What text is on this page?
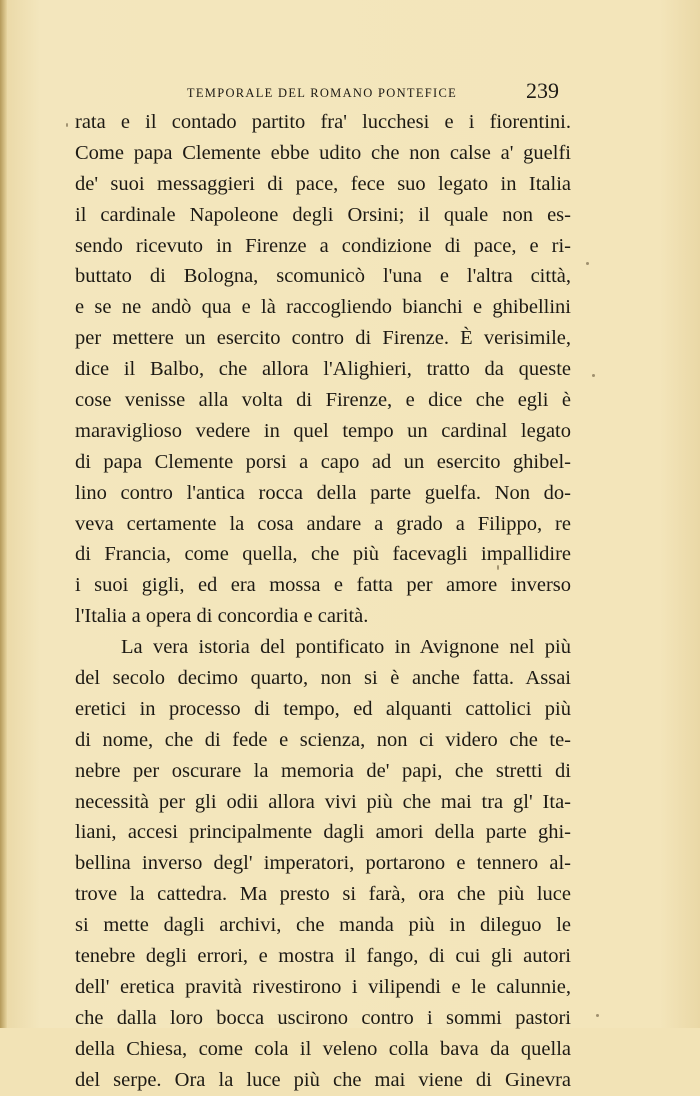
TEMPORALE DEL ROMANO PONTEFICE	239
rata e il contado partito fra' lucchesi e i fiorentini.
Come papa Clemente ebbe udito che non calse a' guelfi
de' suoi messaggieri di pace, fece suo legato in Italia
il cardinale Napoleone degli Orsini; il quale non es-
sendo ricevuto in Firenze a condizione di pace, e ri-
buttato di Bologna, scomunicò l'una e l'altra città,
e se ne andò qua e là raccogliendo bianchi e ghibellini
per mettere un esercito contro di Firenze. È verisimile,
dice il Balbo, che allora l'Alighieri, tratto da queste
cose venisse alla volta di Firenze, e dice che egli è
maraviglioso vedere in quel tempo un cardinal legato
di papa Clemente porsi a capo ad un esercito ghibel-
lino contro l'antica rocca della parte guelfa. Non do-
veva certamente la cosa andare a grado a Filippo, re
di Francia, come quella, che più facevagli impallidire
i suoi gigli, ed era mossa e fatta per amore inverso
l'Italia a opera di concordia e carità.
La vera istoria del pontificato in Avignone nel più
del secolo decimo quarto, non si è anche fatta. Assai
eretici in processo di tempo, ed alquanti cattolici più
di nome, che di fede e scienza, non ci videro che te-
nebre per oscurare la memoria de' papi, che stretti di
necessità per gli odii allora vivi più che mai tra gl' Ita-
liani, accesi principalmente dagli amori della parte ghi-
bellina inverso degl' imperatori, portarono e tennero al-
trove la cattedra. Ma presto si farà, ora che più luce
si mette dagli archivi, che manda più in dileguo le
tenebre degli errori, e mostra il fango, di cui gli autori
dell' eretica pravità rivestirono i vilipendi e le calunnie,
che dalla loro bocca uscirono contro i sommi pastori
della Chiesa, come cola il veleno colla bava da quella
del serpe. Ora la luce più che mai viene di Ginevra
